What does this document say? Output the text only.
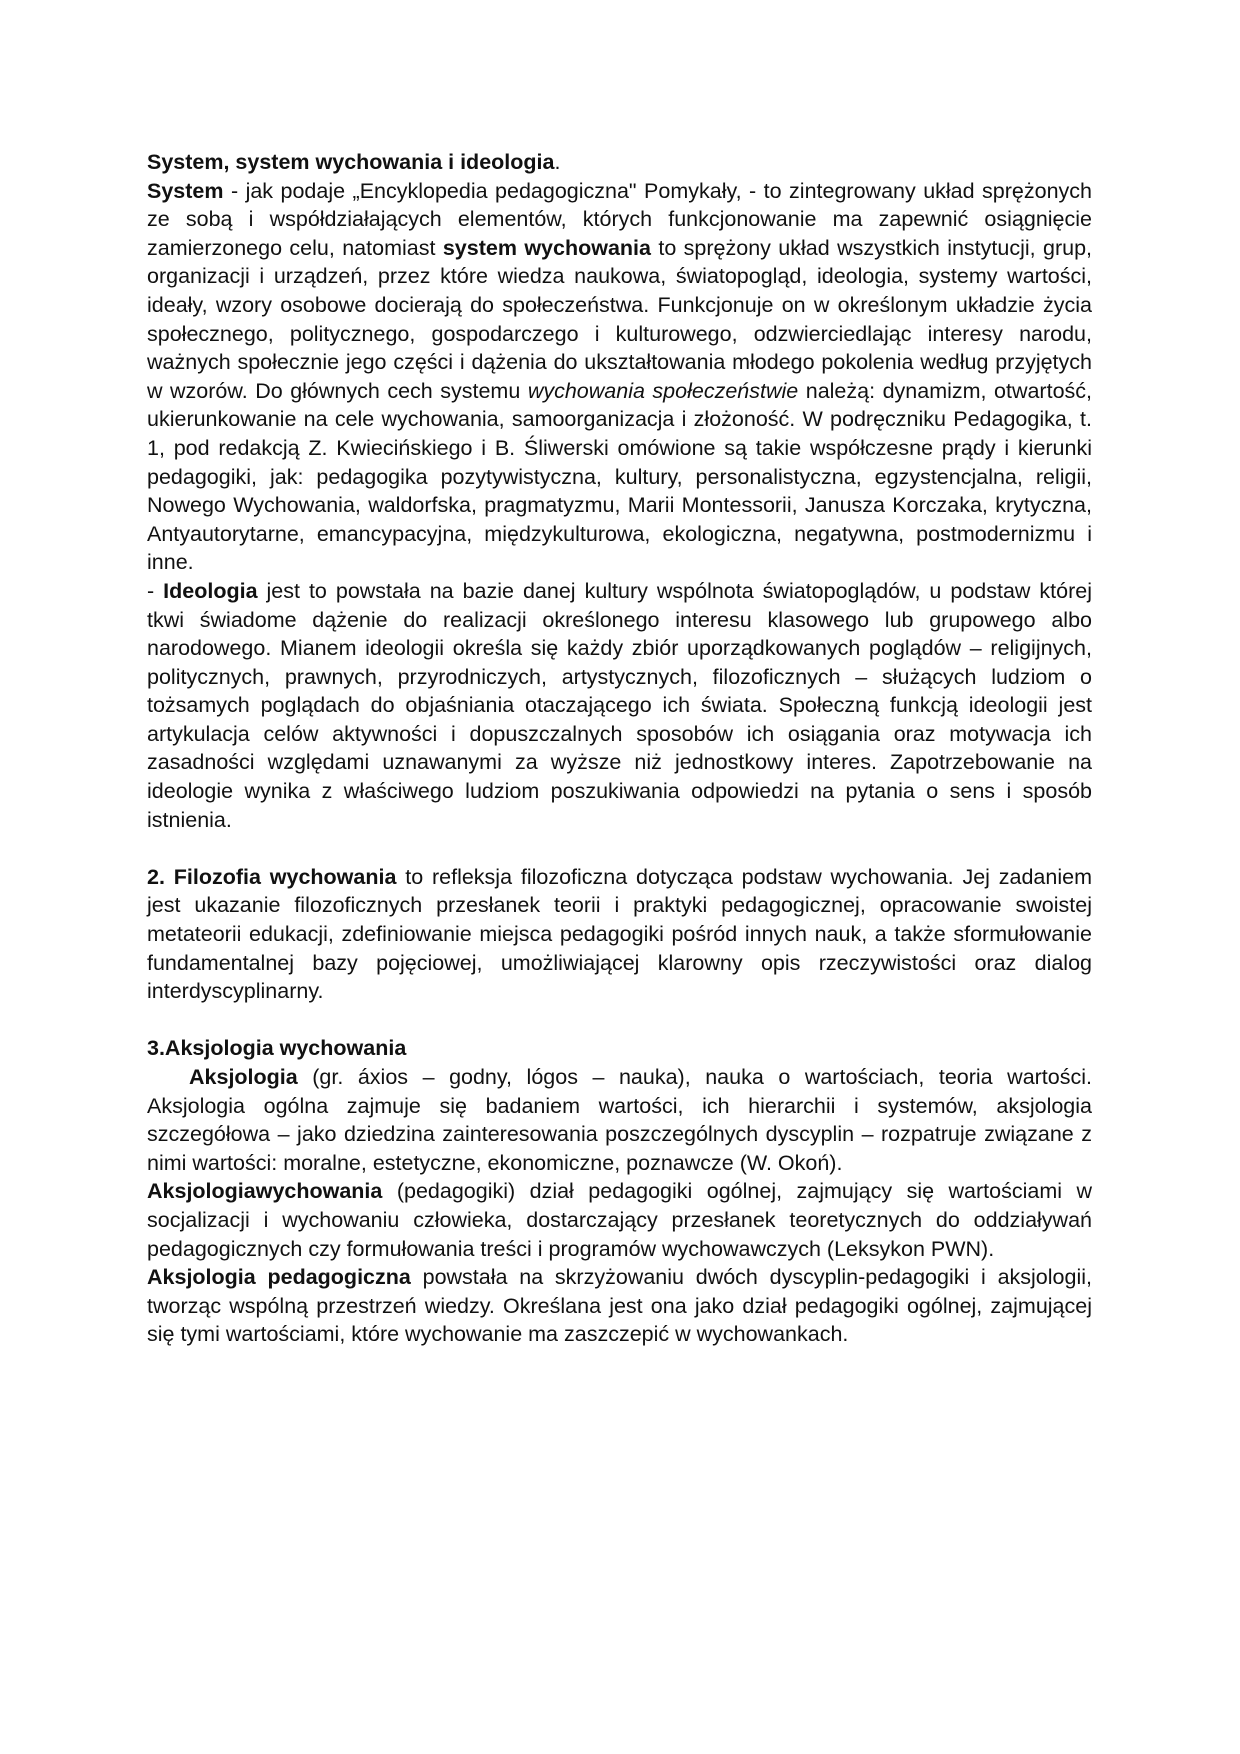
System, system wychowania i ideologia.

System - jak podaje „Encyklopedia pedagogiczna" Pomykały, - to zintegrowany układ sprężonych ze sobą i współdziałających elementów, których funkcjonowanie ma zapewnić osiągnięcie zamierzonego celu, natomiast system wychowania to sprężony układ wszystkich instytucji, grup, organizacji i urządzeń, przez które wiedza naukowa, światopogląd, ideologia, systemy wartości, ideały, wzory osobowe docierają do społeczeństwa. Funkcjonuje on w określonym układzie życia społecznego, politycznego, gospodarczego i kulturowego, odzwierciedlając interesy narodu, ważnych społecznie jego części i dążenia do ukształtowania młodego pokolenia według przyjętych w wzorów. Do głównych cech systemu wychowania społeczeństwie należą: dynamizm, otwartość, ukierunkowanie na cele wychowania, samoorganizacja i złożoność. W podręczniku Pedagogika, t. 1, pod redakcją Z. Kwiecińskiego i B. Śliwerski omówione są takie współczesne prądy i kierunki pedagogiki, jak: pedagogika pozytywistyczna, kultury, personalistyczna, egzystencjalna, religii, Nowego Wychowania, waldorfska, pragmatyzmu, Marii Montessorii, Janusza Korczaka, krytyczna, Antyautorytarne, emancypacyjna, międzykulturowa, ekologiczna, negatywna, postmodernizmu i inne.

- Ideologia jest to powstała na bazie danej kultury wspólnota światopoglądów, u podstaw której tkwi świadome dążenie do realizacji określonego interesu klasowego lub grupowego albo narodowego. Mianem ideologii określa się każdy zbiór uporządkowanych poglądów – religijnych, politycznych, prawnych, przyrodniczych, artystycznych, filozoficznych – służących ludziom o tożsamych poglądach do objaśniania otaczającego ich świata. Społeczną funkcją ideologii jest artykulacja celów aktywności i dopuszczalnych sposobów ich osiągania oraz motywacja ich zasadności względami uznawanymi za wyższe niż jednostkowy interes. Zapotrzebowanie na ideologie wynika z właściwego ludziom poszukiwania odpowiedzi na pytania o sens i sposób istnienia.

2. Filozofia wychowania to refleksja filozoficzna dotycząca podstaw wychowania. Jej zadaniem jest ukazanie filozoficznych przesłanek teorii i praktyki pedagogicznej, opracowanie swoistej metateorii edukacji, zdefiniowanie miejsca pedagogiki pośród innych nauk, a także sformułowanie fundamentalnej bazy pojęciowej, umożliwiającej klarowny opis rzeczywistości oraz dialog interdyscyplinarny.

3.Aksjologia wychowania

Aksjologia (gr. áxios – godny, lógos – nauka), nauka o wartościach, teoria wartości. Aksjologia ogólna zajmuje się badaniem wartości, ich hierarchii i systemów, aksjologia szczegółowa – jako dziedzina zainteresowania poszczególnych dyscyplin – rozpatruje związane z nimi wartości: moralne, estetyczne, ekonomiczne, poznawcze (W. Okoń).

Aksjologiawychowania (pedagogiki) dział pedagogiki ogólnej, zajmujący się wartościami w socjalizacji i wychowaniu człowieka, dostarczający przesłanek teoretycznych do oddziaływań pedagogicznych czy formułowania treści i programów wychowawczych (Leksykon PWN).

Aksjologia pedagogiczna powstała na skrzyżowaniu dwóch dyscyplin-pedagogiki i aksjologii, tworząc wspólną przestrzeń wiedzy. Określana jest ona jako dział pedagogiki ogólnej, zajmującej się tymi wartościami, które wychowanie ma zaszczepić w wychowankach.
